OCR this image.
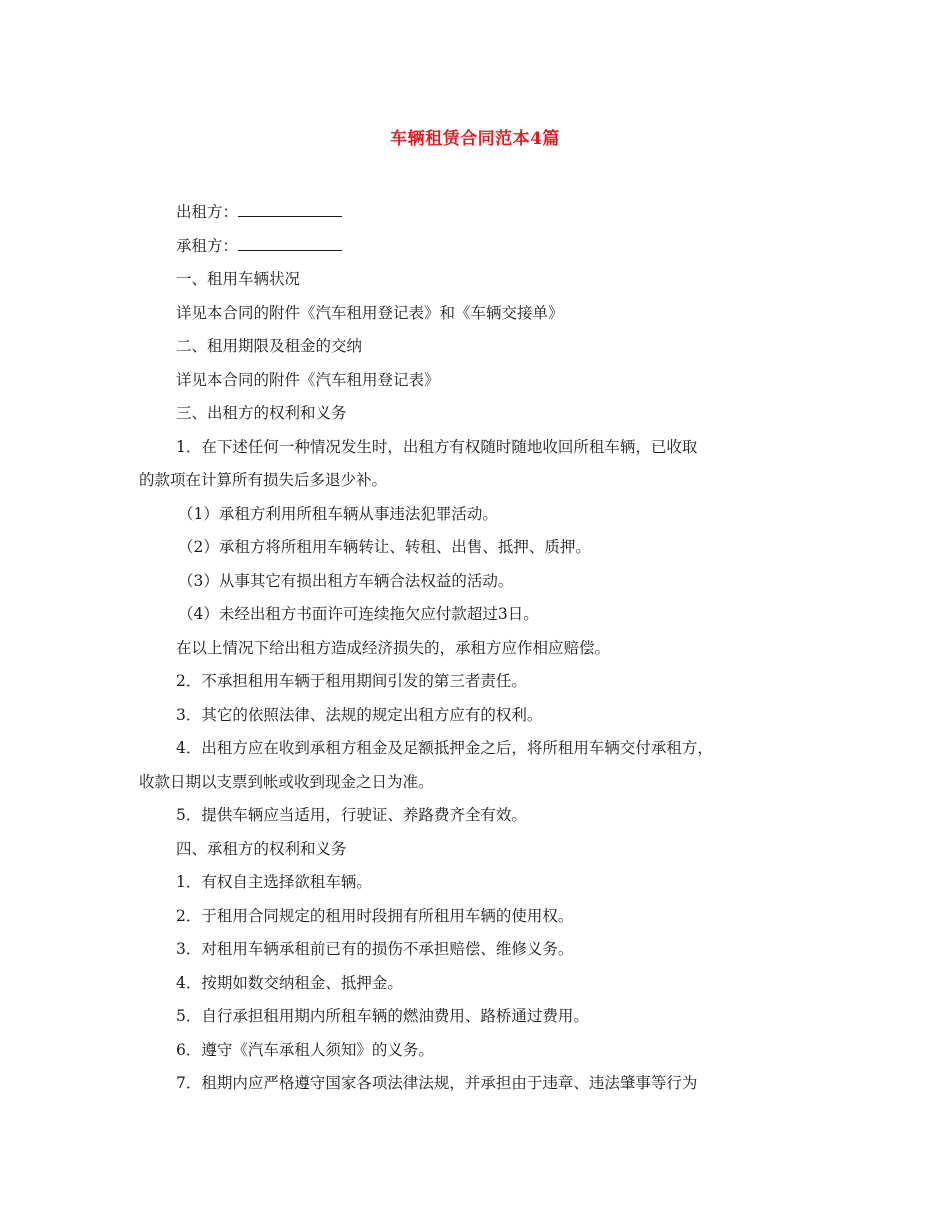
车辆租赁合同范本4篇

出租方：

承租方：

一、租用车辆状况

详见本合同的附件《汽车租用登记表》和《车辆交接单》

二、租用期限及租金的交纳

详见本合同的附件《汽车租用登记表》

三、出租方的权利和义务

1．在下述任何一种情况发生时，出租方有权随时随地收回所租车辆，已收取

的款项在计算所有损失后多退少补。

（1）承租方利用所租车辆从事违法犯罪活动。

（2）承租方将所租用车辆转让、转租、出售、抵押、质押。

（3）从事其它有损出租方车辆合法权益的活动。

（4）未经出租方书面许可连续拖欠应付款超过3日。

在以上情况下给出租方造成经济损失的，承租方应作相应赔偿。

2．不承担租用车辆于租用期间引发的第三者责任。

3．其它的依照法律、法规的规定出租方应有的权利。

4．出租方应在收到承租方租金及足额抵押金之后，将所租用车辆交付承租方，

收款日期以支票到帐或收到现金之日为准。

5．提供车辆应当适用，行驶证、养路费齐全有效。

四、承租方的权利和义务

1．有权自主选择欲租车辆。

2．于租用合同规定的租用时段拥有所租用车辆的使用权。

3．对租用车辆承租前已有的损伤不承担赔偿、维修义务。

4．按期如数交纳租金、抵押金。

5．自行承担租用期内所租车辆的燃油费用、路桥通过费用。

6．遵守《汽车承租人须知》的义务。

7．租期内应严格遵守国家各项法律法规，并承担由于违章、违法肇事等行为
